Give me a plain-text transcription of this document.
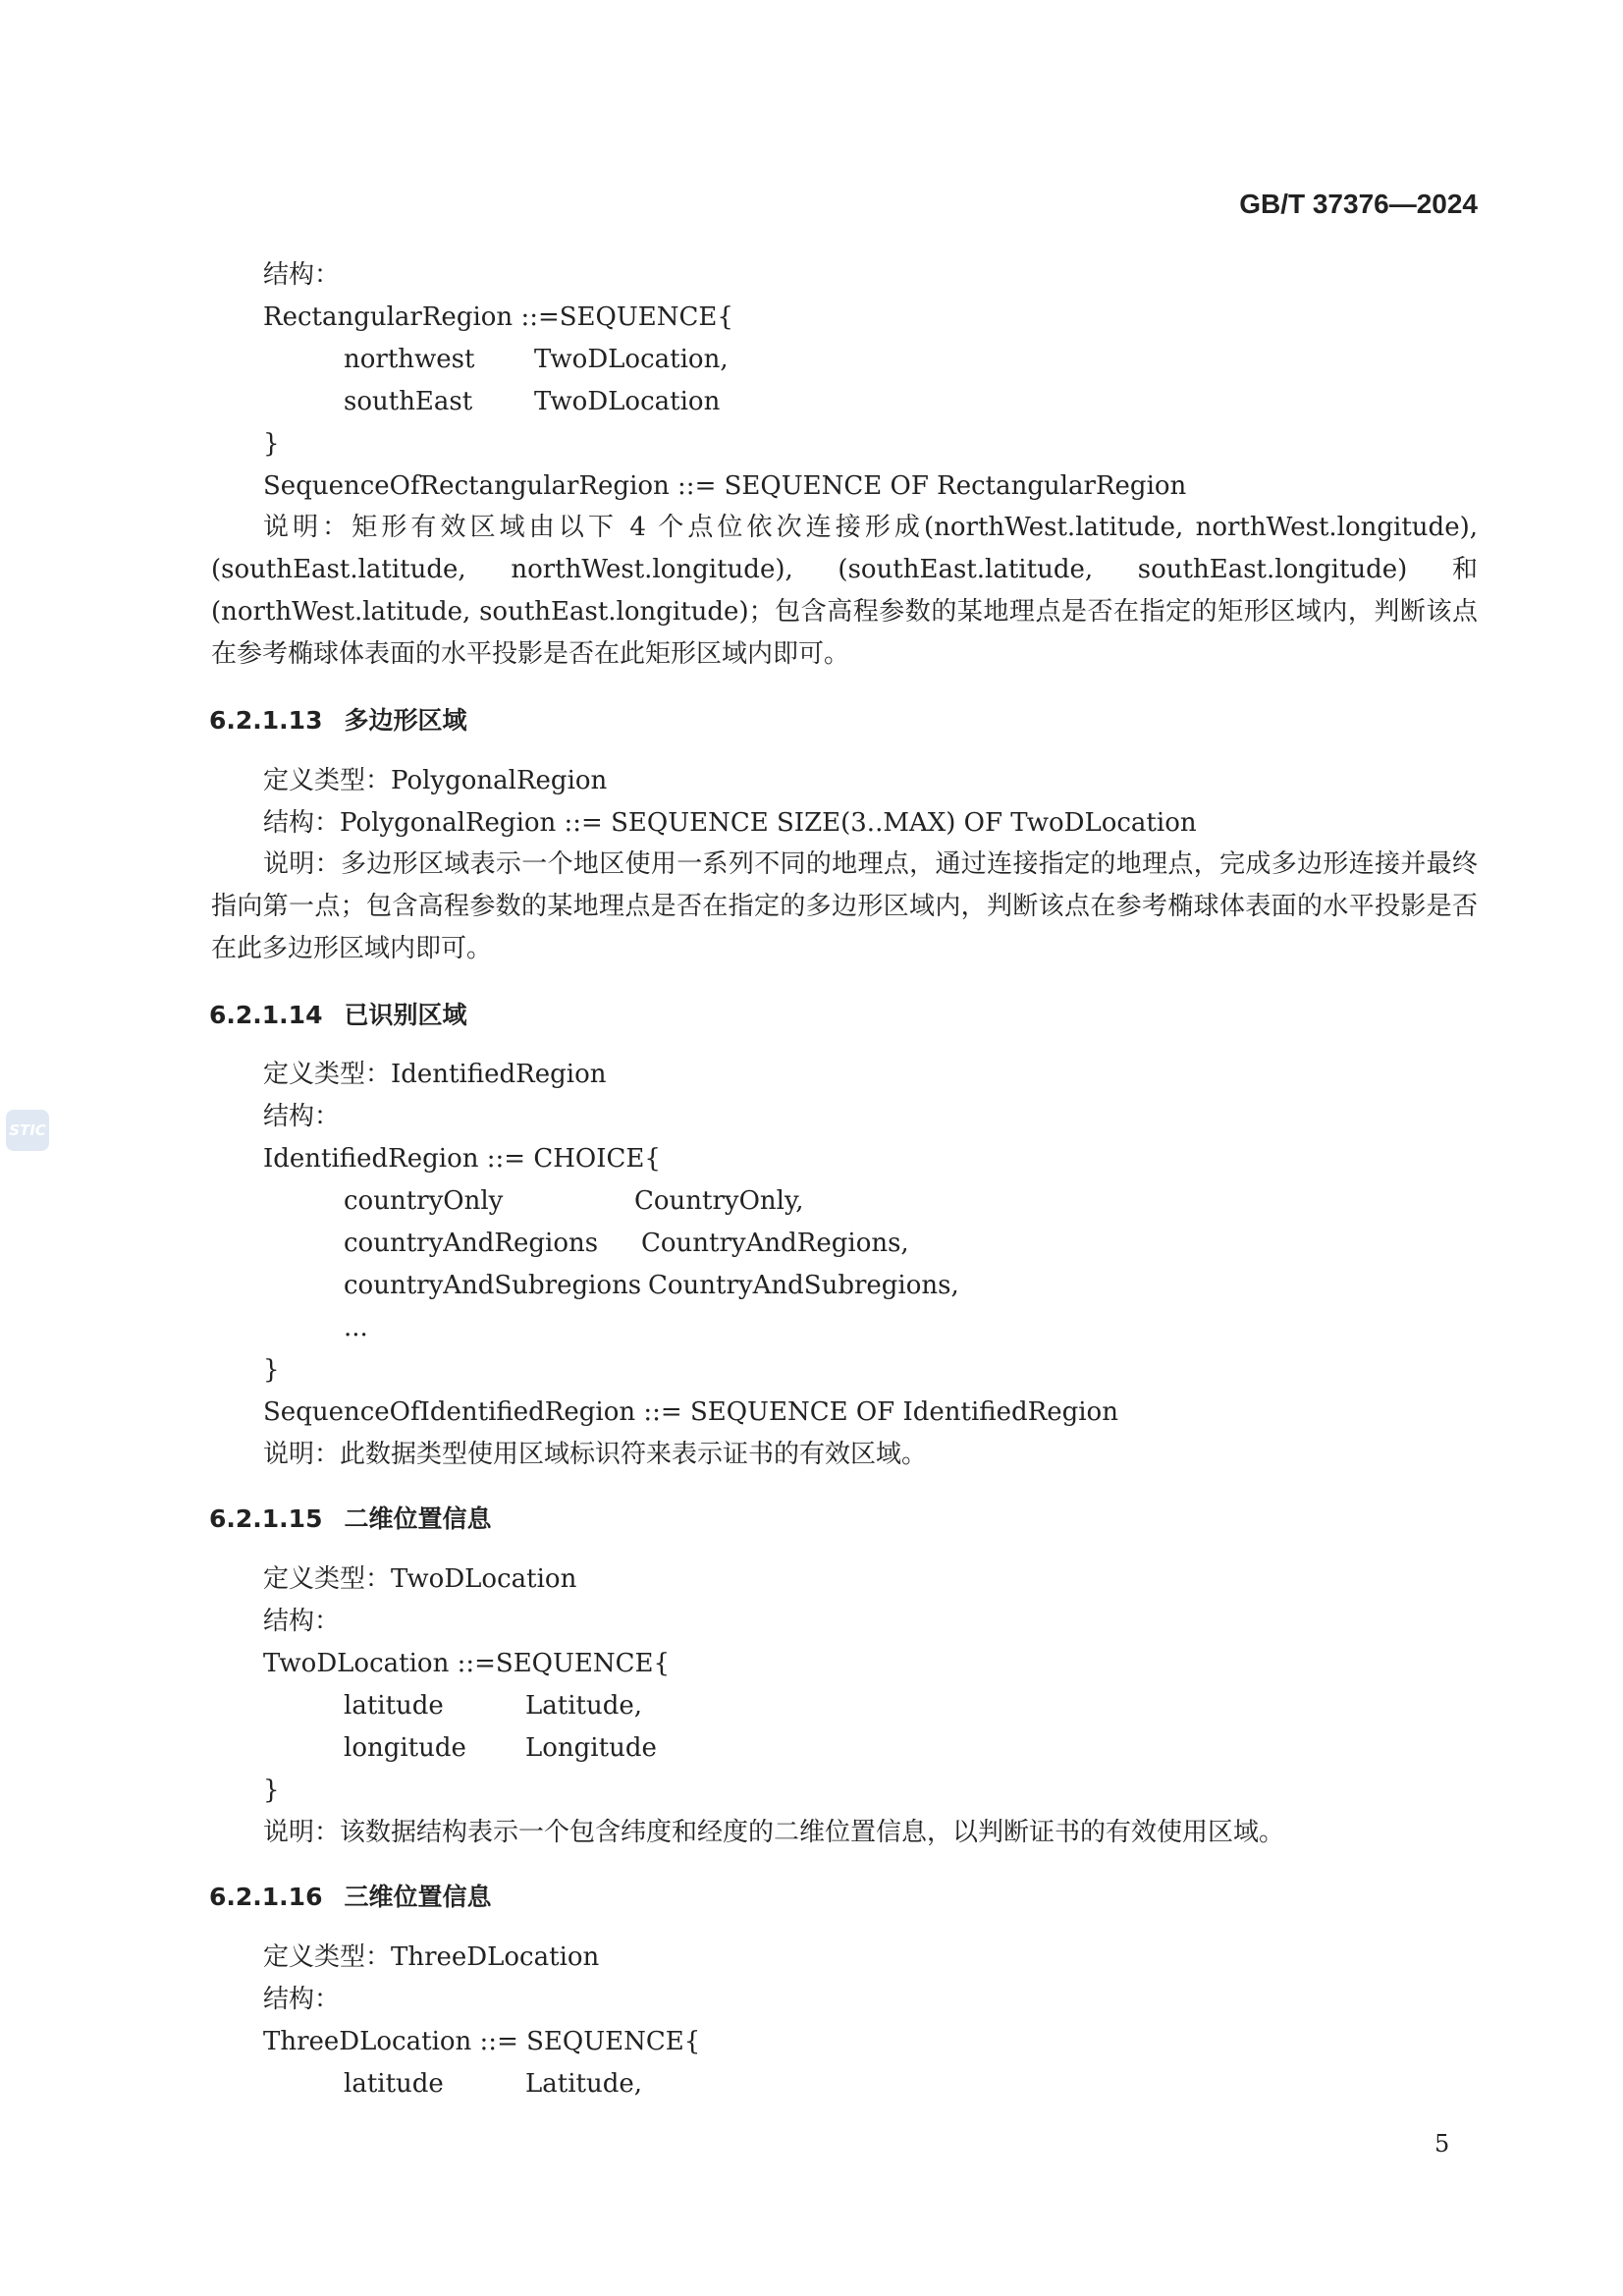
GB/T 37376—2024
STIC
结构：
RectangularRegion ::=SEQUENCE{
northwest TwoDLocation,
southEast TwoDLocation
}
SequenceOfRectangularRegion ::= SEQUENCE OF RectangularRegion
说明：矩形有效区域由以下 4 个点位依次连接形成(northWest.latitude, northWest.longitude), (southEast.latitude, northWest.longitude), (southEast.latitude, southEast.longitude) 和 (northWest.latitude, southEast.longitude)；包含高程参数的某地理点是否在指定的矩形区域内，判断该点在参考椭球体表面的水平投影是否在此矩形区域内即可。
6.2.1.13 多边形区域
定义类型：PolygonalRegion
结构：PolygonalRegion ::= SEQUENCE SIZE(3..MAX) OF TwoDLocation
说明：多边形区域表示一个地区使用一系列不同的地理点，通过连接指定的地理点，完成多边形连接并最终指向第一点；包含高程参数的某地理点是否在指定的多边形区域内，判断该点在参考椭球体表面的水平投影是否在此多边形区域内即可。
6.2.1.14 已识别区域
定义类型：IdentifiedRegion
结构：
IdentifiedRegion ::= CHOICE{
countryOnly	CountryOnly,
countryAndRegions CountryAndRegions,
countryAndSubregions CountryAndSubregions,
...
}
SequenceOfIdentifiedRegion ::= SEQUENCE OF IdentifiedRegion
说明：此数据类型使用区域标识符来表示证书的有效区域。
6.2.1.15 二维位置信息
定义类型：TwoDLocation
结构：
TwoDLocation ::=SEQUENCE{
latitude	Latitude,
longitude Longitude
}
说明：该数据结构表示一个包含纬度和经度的二维位置信息，以判断证书的有效使用区域。
6.2.1.16 三维位置信息
定义类型：ThreeDLocation
结构：
ThreeDLocation ::= SEQUENCE{
latitude	Latitude,
5
